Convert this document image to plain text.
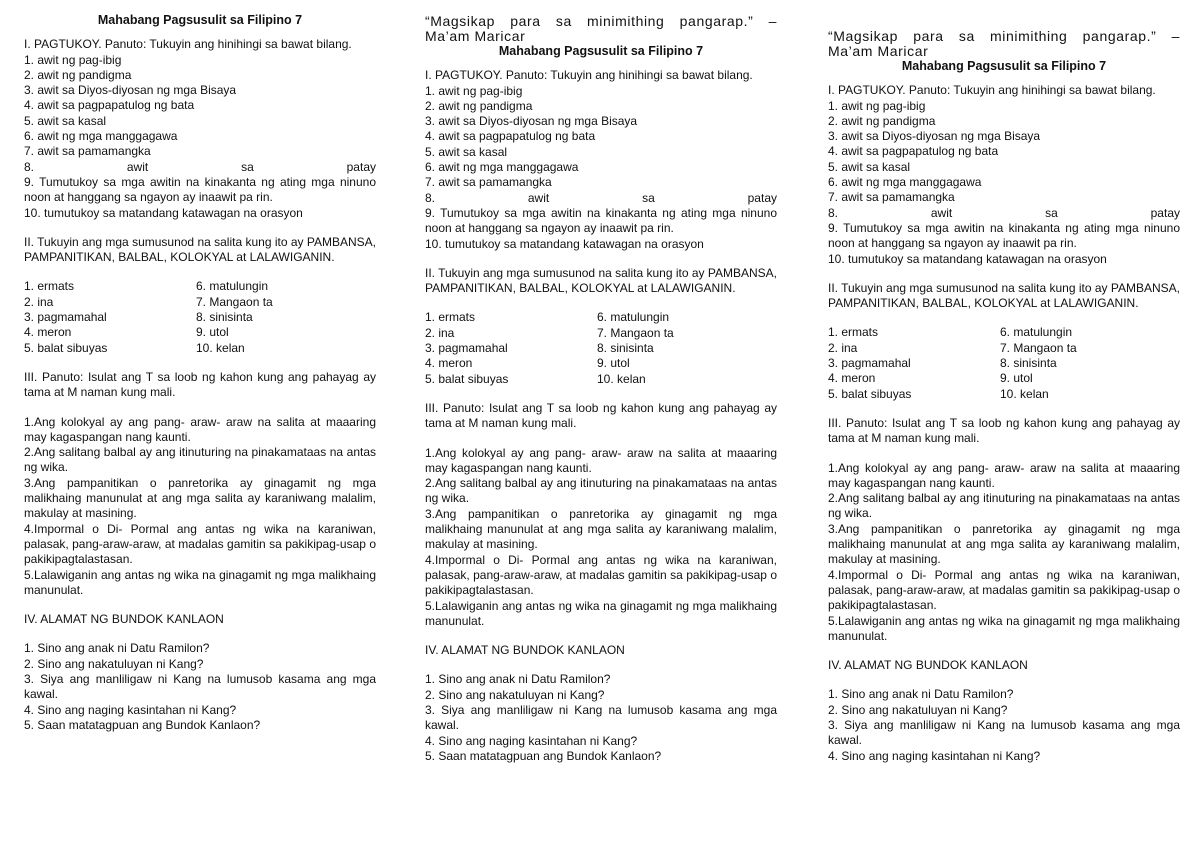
Mahabang Pagsusulit sa Filipino 7
I. PAGTUKOY. Panuto: Tukuyin ang hinihingi sa bawat bilang.
1. awit ng pag-ibig
2. awit ng pandigma
3. awit sa Diyos-diyosan ng mga Bisaya
4. awit sa pagpapatulog ng bata
5. awit sa kasal
6. awit ng mga manggagawa
7. awit sa pamamangka
8. awit sa patay
9. Tumutukoy sa mga awitin na kinakanta ng ating mga ninuno noon at hanggang sa ngayon ay inaawit pa rin.
10. tumutukoy sa matandang katawagan na orasyon
II. Tukuyin ang mga sumusunod na salita kung ito ay PAMBANSA, PAMPANITIKAN, BALBAL, KOLOKYAL at LALAWIGANIN.
1. ermats	6. matulungin
2. ina	7. Mangaon ta
3. pagmamahal	8. sinisinta
4. meron	9. utol
5. balat sibuyas	10. kelan
III. Panuto: Isulat ang T sa loob ng kahon kung ang pahayag ay tama at M naman kung mali.
1.Ang kolokyal ay ang pang- araw- araw na salita at maaaring may kagaspangan nang kaunti.
2.Ang salitang balbal ay ang itinuturing na pinakamataas na antas ng wika.
3.Ang pampanitikan o panretorika ay ginagamit ng mga malikhaing manunulat at ang mga salita ay karaniwang malalim, makulay at masining.
4.Impormal o Di- Pormal ang antas ng wika na karaniwan, palasak, pang-araw-araw, at madalas gamitin sa pakikipag-usap o pakikipagtalastasan.
5.Lalawiganin ang antas ng wika na ginagamit ng mga malikhaing manunulat.
IV. ALAMAT NG BUNDOK KANLAON
1. Sino ang anak ni Datu Ramilon?
2. Sino ang nakatuluyan ni Kang?
3. Siya ang manliligaw ni Kang na lumusob kasama ang mga kawal.
4. Sino ang naging kasintahan ni Kang?
5. Saan matatagpuan ang Bundok Kanlaon?
“Magsikap para sa minimithing pangarap.” –
Ma’am Maricar
Mahabang Pagsusulit sa Filipino 7
I. PAGTUKOY. Panuto: Tukuyin ang hinihingi sa bawat bilang.
1. awit ng pag-ibig
2. awit ng pandigma
3. awit sa Diyos-diyosan ng mga Bisaya
4. awit sa pagpapatulog ng bata
5. awit sa kasal
6. awit ng mga manggagawa
7. awit sa pamamangka
8. awit sa patay
9. Tumutukoy sa mga awitin na kinakanta ng ating mga ninuno noon at hanggang sa ngayon ay inaawit pa rin.
10. tumutukoy sa matandang katawagan na orasyon
II. Tukuyin ang mga sumusunod na salita kung ito ay PAMBANSA, PAMPANITIKAN, BALBAL, KOLOKYAL at LALAWIGANIN.
1. ermats	6. matulungin
2. ina	7. Mangaon ta
3. pagmamahal	8. sinisinta
4. meron	9. utol
5. balat sibuyas	10. kelan
III. Panuto: Isulat ang T sa loob ng kahon kung ang pahayag ay tama at M naman kung mali.
1.Ang kolokyal ay ang pang- araw- araw na salita at maaaring may kagaspangan nang kaunti.
2.Ang salitang balbal ay ang itinuturing na pinakamataas na antas ng wika.
3.Ang pampanitikan o panretorika ay ginagamit ng mga malikhaing manunulat at ang mga salita ay karaniwang malalim, makulay at masining.
4.Impormal o Di- Pormal ang antas ng wika na karaniwan, palasak, pang-araw-araw, at madalas gamitin sa pakikipag-usap o pakikipagtalastasan.
5.Lalawiganin ang antas ng wika na ginagamit ng mga malikhaing manunulat.
IV. ALAMAT NG BUNDOK KANLAON
1. Sino ang anak ni Datu Ramilon?
2. Sino ang nakatuluyan ni Kang?
3. Siya ang manliligaw ni Kang na lumusob kasama ang mga kawal.
4. Sino ang naging kasintahan ni Kang?
5. Saan matatagpuan ang Bundok Kanlaon?
“Magsikap para sa minimithing pangarap.” –
Ma’am Maricar
Mahabang Pagsusulit sa Filipino 7
I. PAGTUKOY. Panuto: Tukuyin ang hinihingi sa bawat bilang.
1. awit ng pag-ibig
2. awit ng pandigma
3. awit sa Diyos-diyosan ng mga Bisaya
4. awit sa pagpapatulog ng bata
5. awit sa kasal
6. awit ng mga manggagawa
7. awit sa pamamangka
8. awit sa patay
9. Tumutukoy sa mga awitin na kinakanta ng ating mga ninuno noon at hanggang sa ngayon ay inaawit pa rin.
10. tumutukoy sa matandang katawagan na orasyon
II. Tukuyin ang mga sumusunod na salita kung ito ay PAMBANSA, PAMPANITIKAN, BALBAL, KOLOKYAL at LALAWIGANIN.
1. ermats	6. matulungin
2. ina	7. Mangaon ta
3. pagmamahal	8. sinisinta
4. meron	9. utol
5. balat sibuyas	10. kelan
III. Panuto: Isulat ang T sa loob ng kahon kung ang pahayag ay tama at M naman kung mali.
1.Ang kolokyal ay ang pang- araw- araw na salita at maaaring may kagaspangan nang kaunti.
2.Ang salitang balbal ay ang itinuturing na pinakamataas na antas ng wika.
3.Ang pampanitikan o panretorika ay ginagamit ng mga malikhaing manunulat at ang mga salita ay karaniwang malalim, makulay at masining.
4.Impormal o Di- Pormal ang antas ng wika na karaniwan, palasak, pang-araw-araw, at madalas gamitin sa pakikipag-usap o pakikipagtalastasan.
5.Lalawiganin ang antas ng wika na ginagamit ng mga malikhaing manunulat.
IV. ALAMAT NG BUNDOK KANLAON
1. Sino ang anak ni Datu Ramilon?
2. Sino ang nakatuluyan ni Kang?
3. Siya ang manliligaw ni Kang na lumusob kasama ang mga kawal.
4. Sino ang naging kasintahan ni Kang?
